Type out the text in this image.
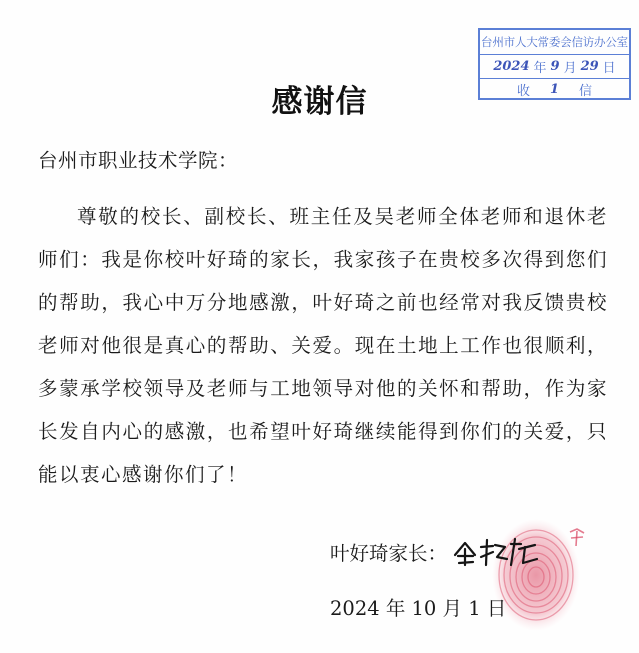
台州市人大常委会信访办公室
2024 年 9 月 29 日
收 1 信
感谢信
台州市职业技术学院：

尊敬的校长、副校长、班主任及吴老师全体老师和退休老师们：我是你校叶好琦的家长，我家孩子在贵校多次得到您们的帮助，我心中万分地感激，叶好琦之前也经常对我反馈贵校老师对他很是真心的帮助、关爱。现在土地上工作也很顺利，多蒙承学校领导及老师与工地领导对他的关怀和帮助，作为家长发自内心的感激，也希望叶好琦继续能得到你们的关爱，只能以衷心感谢你们了！

叶好琦家长：
2024 年 10 月 1 日
